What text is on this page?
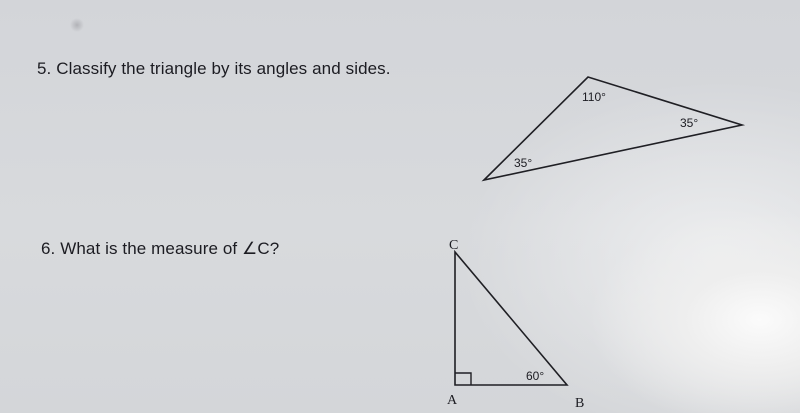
5. Classify the triangle by its angles and sides.
6. What is the measure of ∠C?
110°
35°
35°
C
A	B
60°
